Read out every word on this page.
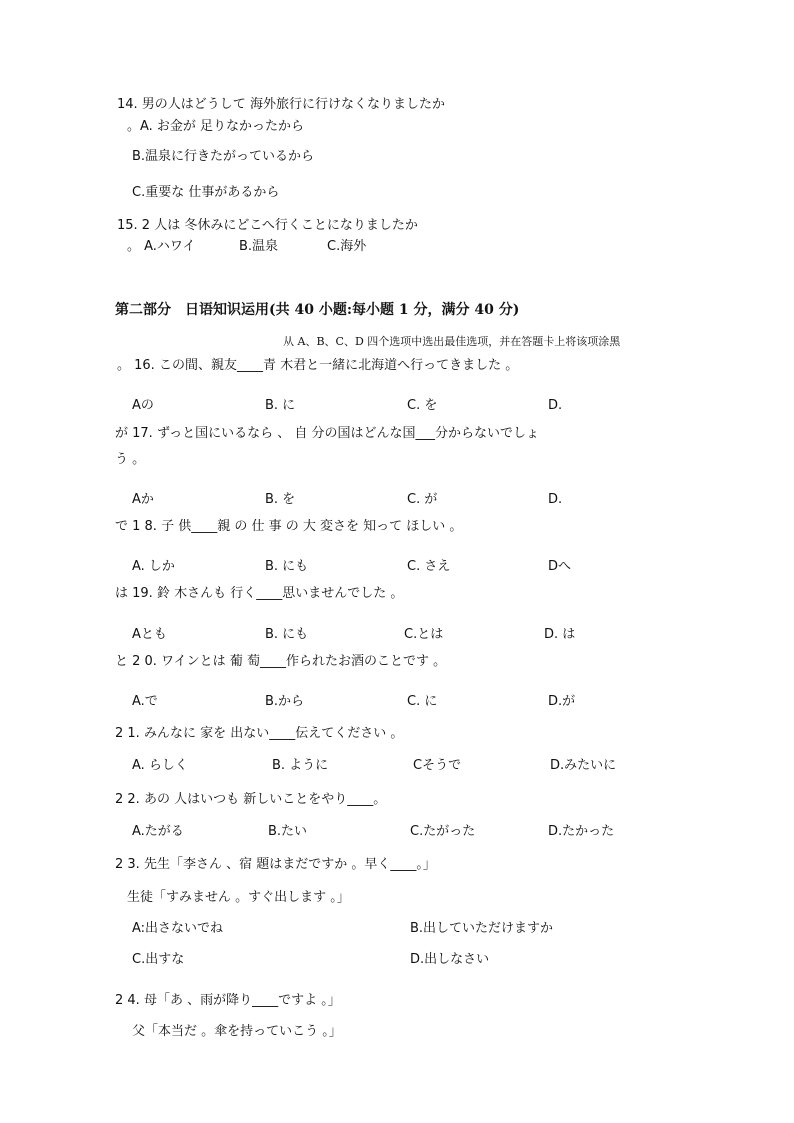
14. 男の人はどうして 海外旅行に行けなくなりましたか
。A. お金が 足りなかったから
B.温泉に行きたがっているから
C.重要な 仕事があるから
15. 2 人は 冬休みにどこへ行くことになりましたか
。 A.ハワイ	B.温泉	C.海外
第二部分　日语知识运用(共 40 小题:每小题 1 分，满分 40 分)
从 A、B、C、D 四个选项中选出最佳选项，并在答题卡上将该项涂黑
。 16. この間、親友____青 木君と一緒に北海道へ行ってきました 。
Aの	B. に	C. を	D.
が 17. ずっと国にいるなら 、 自 分の国はどんな国___分からないでしょ
う 。
Aか	B. を	C. が	D.
で 1 8. 子 供____親 の 仕 事 の 大 変さを 知って ほしい 。
A. しか	B. にも	C. さえ	Dへ
は 19. 鈴 木さんも 行く____思いませんでした 。
Aとも	B. にも	C.とは	D. は
と 2 0. ワインとは 葡 萄____作られたお酒のことです 。
A.で	B.から	C. に	D.が
2 1. みんなに 家を 出ない____伝えてください 。
A. らしく	B. ように	Cそうで	D.みたいに
2 2. あの 人はいつも 新しいことをやり____。
A.たがる	B.たい	C.たがった	D.たかった
2 3. 先生「李さん 、宿 題はまだですか 。早く____。」
生徒「すみません 。すぐ出します 。」
A:出さないでね	B.出していただけますか
C.出すな	D.出しなさい
2 4. 母「あ 、雨が降り____ですよ 。」
父「本当だ 。傘を持っていこう 。」
